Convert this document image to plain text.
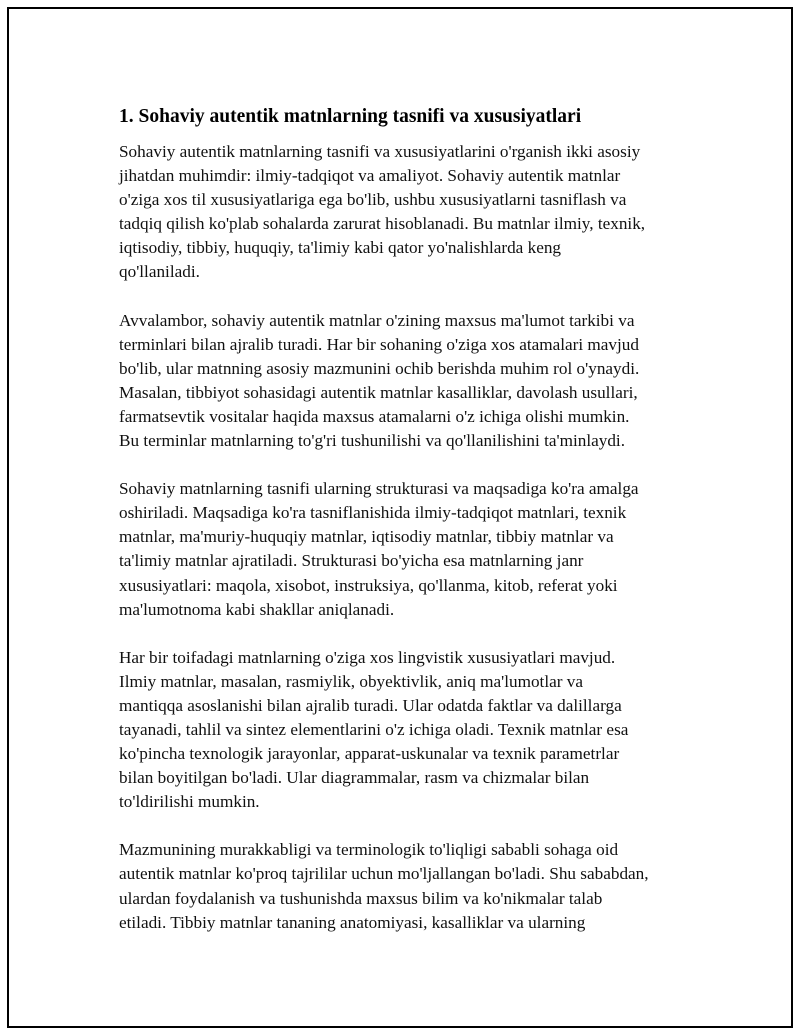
1. Sohaviy autentik matnlarning tasnifi va xususiyatlari
Sohaviy autentik matnlarning tasnifi va xususiyatlarini o'rganish ikki asosiy
jihatdan muhimdir: ilmiy-tadqiqot va amaliyot. Sohaviy autentik matnlar
o'ziga xos til xususiyatlariga ega bo'lib, ushbu xususiyatlarni tasniflash va
tadqiq qilish ko'plab sohalarda zarurat hisoblanadi. Bu matnlar ilmiy, texnik,
iqtisodiy, tibbiy, huquqiy, ta'limiy kabi qator yo'nalishlarda keng
qo'llaniladi.
Avvalambor, sohaviy autentik matnlar o'zining maxsus ma'lumot tarkibi va
terminlari bilan ajralib turadi. Har bir sohaning o'ziga xos atamalari mavjud
bo'lib, ular matnning asosiy mazmunini ochib berishda muhim rol o'ynaydi.
Masalan, tibbiyot sohasidagi autentik matnlar kasalliklar, davolash usullari,
farmatsevtik vositalar haqida maxsus atamalarni o'z ichiga olishi mumkin.
Bu terminlar matnlarning to'g'ri tushunilishi va qo'llanilishini ta'minlaydi.
Sohaviy matnlarning tasnifi ularning strukturasi va maqsadiga ko'ra amalga
oshiriladi. Maqsadiga ko'ra tasniflanishida ilmiy-tadqiqot matnlari, texnik
matnlar, ma'muriy-huquqiy matnlar, iqtisodiy matnlar, tibbiy matnlar va
ta'limiy matnlar ajratiladi. Strukturasi bo'yicha esa matnlarning janr
xususiyatlari: maqola, xisobot, instruksiya, qo'llanma, kitob, referat yoki
ma'lumotnoma kabi shakllar aniqlanadi.
Har bir toifadagi matnlarning o'ziga xos lingvistik xususiyatlari mavjud.
Ilmiy matnlar, masalan, rasmiylik, obyektivlik, aniq ma'lumotlar va
mantiqqa asoslanishi bilan ajralib turadi. Ular odatda faktlar va dalillarga
tayanadi, tahlil va sintez elementlarini o'z ichiga oladi. Texnik matnlar esa
ko'pincha texnologik jarayonlar, apparat-uskunalar va texnik parametrlar
bilan boyitilgan bo'ladi. Ular diagrammalar, rasm va chizmalar bilan
to'ldirilishi mumkin.
Mazmunining murakkabligi va terminologik to'liqligi sababli sohaga oid
autentik matnlar ko'proq tajrililar uchun mo'ljallangan bo'ladi. Shu sababdan,
ulardan foydalanish va tushunishda maxsus bilim va ko'nikmalar talab
etiladi. Tibbiy matnlar tananing anatomiyasi, kasalliklar va ularning
